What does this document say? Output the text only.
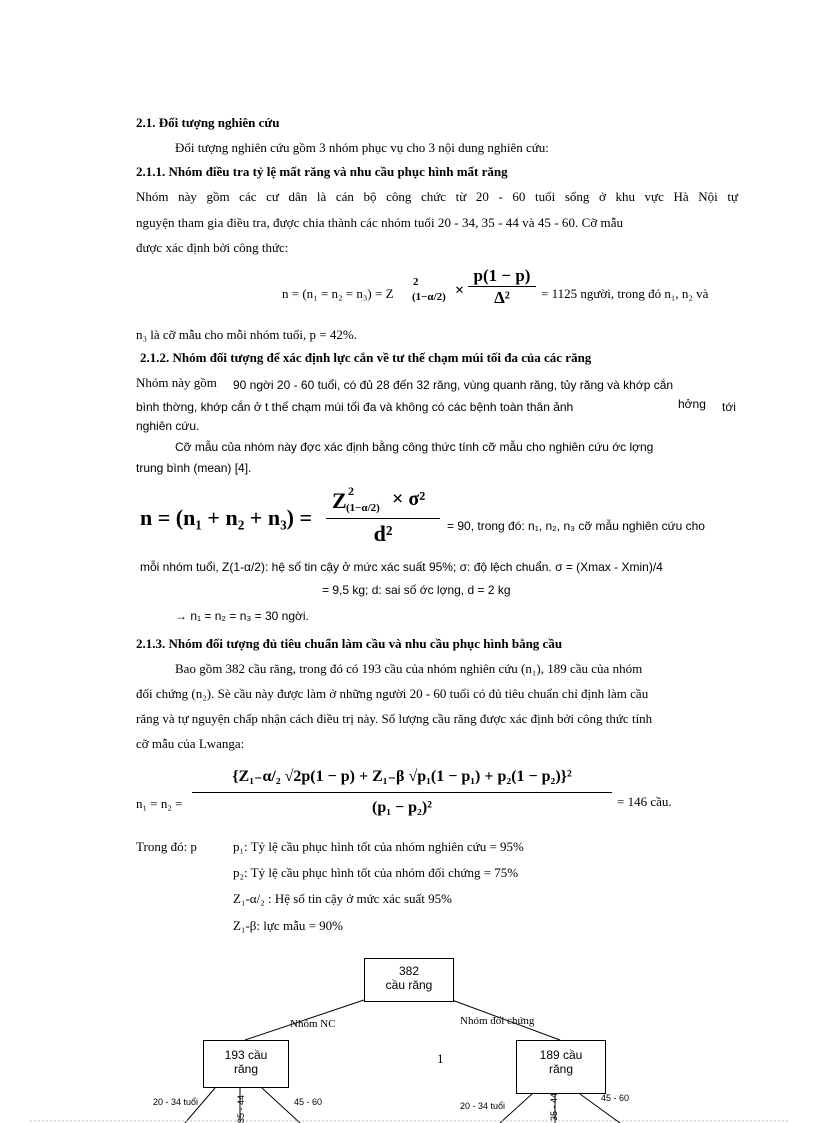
2.1. Đối tượng nghiên cứu
Đối tượng nghiên cứu gồm 3 nhóm phục vụ cho 3 nội dung nghiên cứu:
2.1.1. Nhóm điều tra tỷ lệ mất răng và nhu cầu phục hình mất răng
Nhóm này gồm các cư dân là cán bộ công chức từ 20 - 60 tuổi sống ở khu vực Hà Nội tự
nguyện tham gia điều tra, được chia thành các nhóm tuổi 20 - 34, 35 - 44 và 45 - 60. Cỡ mẫu
được xác định bởi công thức:
n = (n₁ = n₂ = n₃) = Z
2
$(1-\alpha/2) \times \frac{p(1 - p)}{\text{Δ²}} = 1125$ người, trong đó n₁, n₂ và
n₃ là cỡ mẫu cho mỗi nhóm tuổi, p = 42%.
2.1.2. Nhóm đối tượng để xác định lực cắn về tư thế chạm múi tối đa của các răng
Nhóm này gồm 90 ngời 20 - 60 tuổi, có đủ 28 đến 32 răng, vùng quanh răng, tủy răng và khớp cắn
bình thờng, khớp cắn ở t thế chạm múi tối đa và không có các bệnh toàn thân ảnh	hởng tới
nghiên cứu.
Cỡ mẫu của nhóm này đợc xác định bằng công thức tính cỡ mẫu cho nghiên cứu ớc lợng
trung bình (mean) [4].
n = (n₁ + n₂ + n₃) =
Z 2
(1−α/2) × σ²
d²	= 90, trong đó: n₁, n₂, n₃ cỡ mẫu nghiên cứu cho
mỗi nhóm tuổi, Z(1-α/2): hệ số tin cậy ở mức xác suất 95%; σ: độ lệch chuẩn. σ = (Xmax - Xmin)/4
= 9,5 kg; d: sai số ớc lợng, d = 2 kg
→ n₁ = n₂ = n₃ = 30 ngời.
2.1.3. Nhóm đối tượng đủ tiêu chuẩn làm cầu và nhu cầu phục hình bằng cầu
Bao gồm 382 cầu răng, trong đó có 193 cầu của nhóm nghiên cứu (n₁), 189 cầu của nhóm
đối chứng (n₂). Sè cầu này được làm ở những người 20 - 60 tuổi có đủ tiêu chuẩn chỉ định làm cầu
răng và tự nguyện chấp nhận cách điều trị này. Số lượng cầu răng được xác định bởi công thức tính
cỡ mẫu của Lwanga:
$n_1 = n_2 = \frac{\text{\{Z₁₋α/₂ √2p(1 − p) + Z₁₋β √p₁(1 − p₁) + p₂(1 − p₂)\}²}}{\text{(p₁ − p₂)²}} = 146$ cầu.
Trong đó: p	p₁: Tỷ lệ cầu phục hình tốt của nhóm nghiên cứu = 95%
p₂: Tỷ lệ cầu phục hình tốt của nhóm đối chứng = 75%
Z₁-α/₂ : Hệ số tin cậy ở mức xác suất 95%
Z₁-β: lực mẫu = 90%
382
cầu răng
193 cầu
răng
189 cầu
răng
Nhóm NC	Nhóm đối chứng
20 - 34 tuổi	35 - 44	45 - 60	20 - 34 tuổi	35 - 44	45 - 60
1
